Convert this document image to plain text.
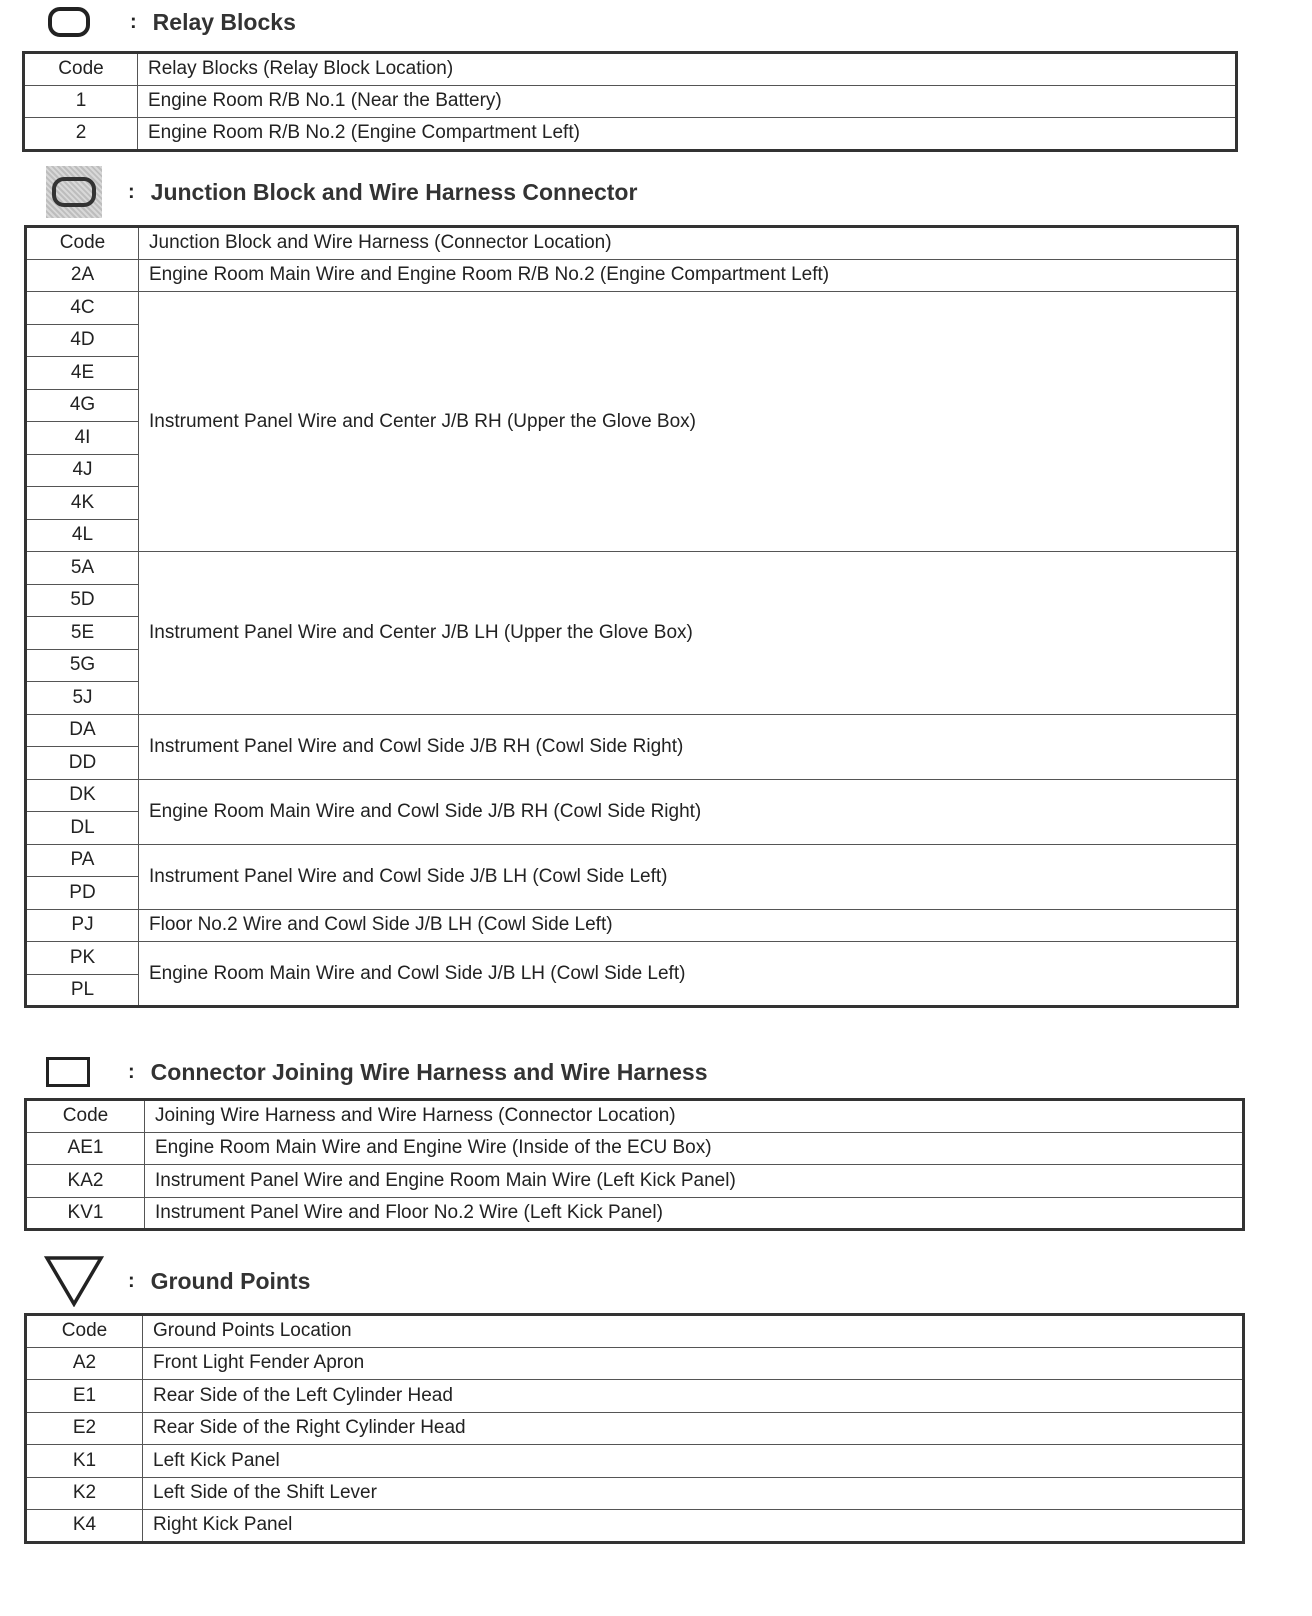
: Relay Blocks
Code	Relay Blocks (Relay Block Location)
1	Engine Room R/B No.1 (Near the Battery)
2	Engine Room R/B No.2 (Engine Compartment Left)
: Junction Block and Wire Harness Connector
Code	Junction Block and Wire Harness (Connector Location)
2A	Engine Room Main Wire and Engine Room R/B No.2 (Engine Compartment Left)
4C	Instrument Panel Wire and Center J/B RH (Upper the Glove Box)
4D	
4E	
4G	
4I	
4J	
4K	
4L	
5A	Instrument Panel Wire and Center J/B LH (Upper the Glove Box)
5D	
5E	
5G	
5J	
DA	Instrument Panel Wire and Cowl Side J/B RH (Cowl Side Right)
DD	
DK	Engine Room Main Wire and Cowl Side J/B RH (Cowl Side Right)
DL	
PA	Instrument Panel Wire and Cowl Side J/B LH (Cowl Side Left)
PD	
PJ	Floor No.2 Wire and Cowl Side J/B LH (Cowl Side Left)
PK	Engine Room Main Wire and Cowl Side J/B LH (Cowl Side Left)
PL	
: Connector Joining Wire Harness and Wire Harness
Code	Joining Wire Harness and Wire Harness (Connector Location)
AE1	Engine Room Main Wire and Engine Wire (Inside of the ECU Box)
KA2	Instrument Panel Wire and Engine Room Main Wire (Left Kick Panel)
KV1	Instrument Panel Wire and Floor No.2 Wire (Left Kick Panel)
: Ground Points
Code	Ground Points Location
A2	Front Light Fender Apron
E1	Rear Side of the Left Cylinder Head
E2	Rear Side of the Right Cylinder Head
K1	Left Kick Panel
K2	Left Side of the Shift Lever
K4	Right Kick Panel
